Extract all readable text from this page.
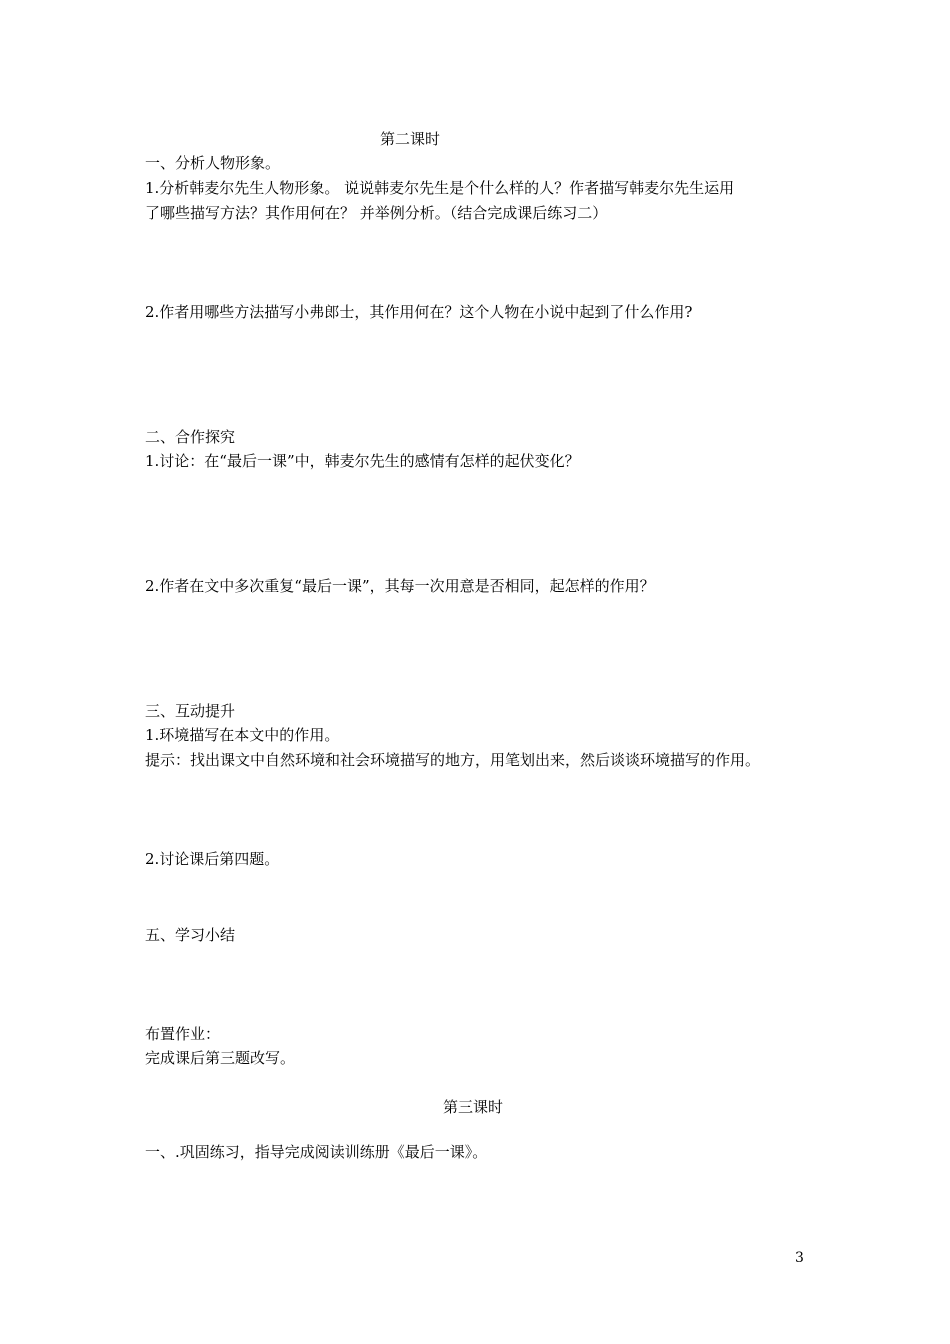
第二课时
一、分析人物形象。
1.分析韩麦尔先生人物形象。 说说韩麦尔先生是个什么样的人？作者描写韩麦尔先生运用
了哪些描写方法？其作用何在？ 并举例分析。（结合完成课后练习二）
2.作者用哪些方法描写小弗郎士，其作用何在？这个人物在小说中起到了什么作用?
二、合作探究
1.讨论：在“最后一课”中，韩麦尔先生的感情有怎样的起伏变化？
2.作者在文中多次重复“最后一课”，其每一次用意是否相同，起怎样的作用？
三、互动提升
1.环境描写在本文中的作用。
提示：找出课文中自然环境和社会环境描写的地方，用笔划出来，然后谈谈环境描写的作用。
2.讨论课后第四题。
五、学习小结
布置作业：
完成课后第三题改写。
第三课时
一、.巩固练习，指导完成阅读训练册《最后一课》。
3
